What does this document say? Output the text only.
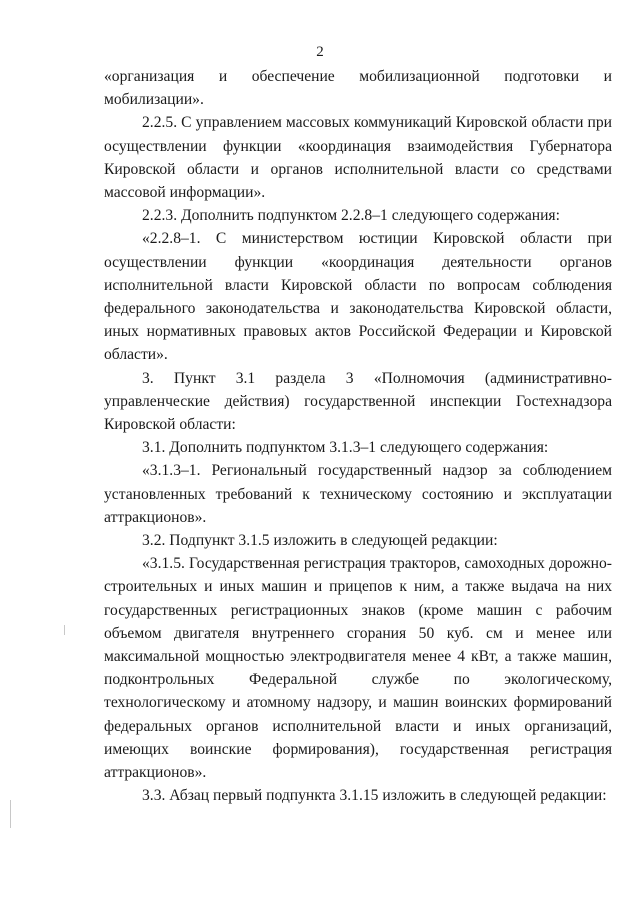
2

«организация и обеспечение мобилизационной подготовки и мобилизации».

2.2.5. С управлением массовых коммуникаций Кировской области при осуществлении функции «координация взаимодействия Губернатора Кировской области и органов исполнительной власти со средствами массовой информации».

2.2.3. Дополнить подпунктом 2.2.8–1 следующего содержания:

«2.2.8–1. С министерством юстиции Кировской области при осуществлении функции «координация деятельности органов исполнительной власти Кировской области по вопросам соблюдения федерального законодательства и законодательства Кировской области, иных нормативных правовых актов Российской Федерации и Кировской области».

3. Пункт 3.1 раздела 3 «Полномочия (административно-управленческие действия) государственной инспекции Гостехнадзора Кировской области:

3.1. Дополнить подпунктом 3.1.3–1 следующего содержания:

«3.1.3–1. Региональный государственный надзор за соблюдением установленных требований к техническому состоянию и эксплуатации аттракционов».

3.2. Подпункт 3.1.5 изложить в следующей редакции:

«3.1.5. Государственная регистрация тракторов, самоходных дорожно-строительных и иных машин и прицепов к ним, а также выдача на них государственных регистрационных знаков (кроме машин с рабочим объемом двигателя внутреннего сгорания 50 куб. см и менее или максимальной мощностью электродвигателя менее 4 кВт, а также машин, подконтрольных Федеральной службе по экологическому, технологическому и атомному надзору, и машин воинских формирований федеральных органов исполнительной власти и иных организаций, имеющих воинские формирования), государственная регистрация аттракционов».

3.3. Абзац первый подпункта 3.1.15 изложить в следующей редакции:
